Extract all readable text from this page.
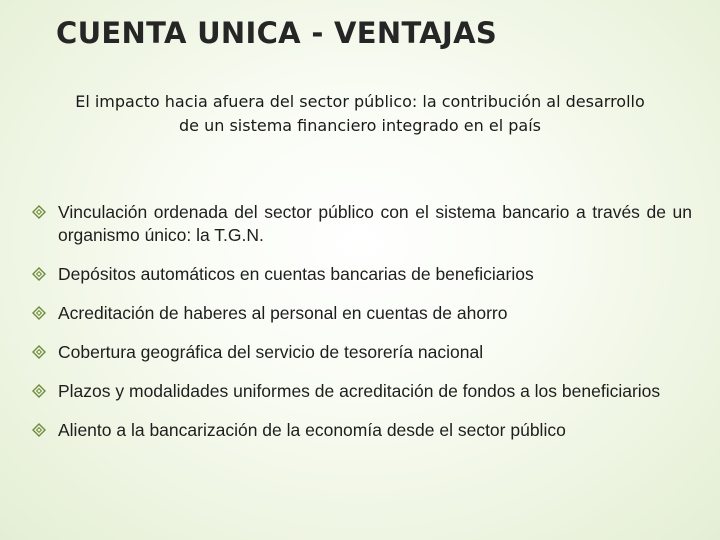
CUENTA UNICA - VENTAJAS

El impacto hacia afuera del sector público: la contribución al desarrollo
de un sistema financiero integrado en el país

Vinculación ordenada del sector público con el sistema bancario a través de un organismo único: la T.G.N.
Depósitos automáticos en cuentas bancarias de beneficiarios
Acreditación de haberes al personal en cuentas de ahorro
Cobertura geográfica del servicio de tesorería nacional
Plazos y modalidades uniformes de acreditación de fondos a los beneficiarios
Aliento a la bancarización de la economía desde el sector público
